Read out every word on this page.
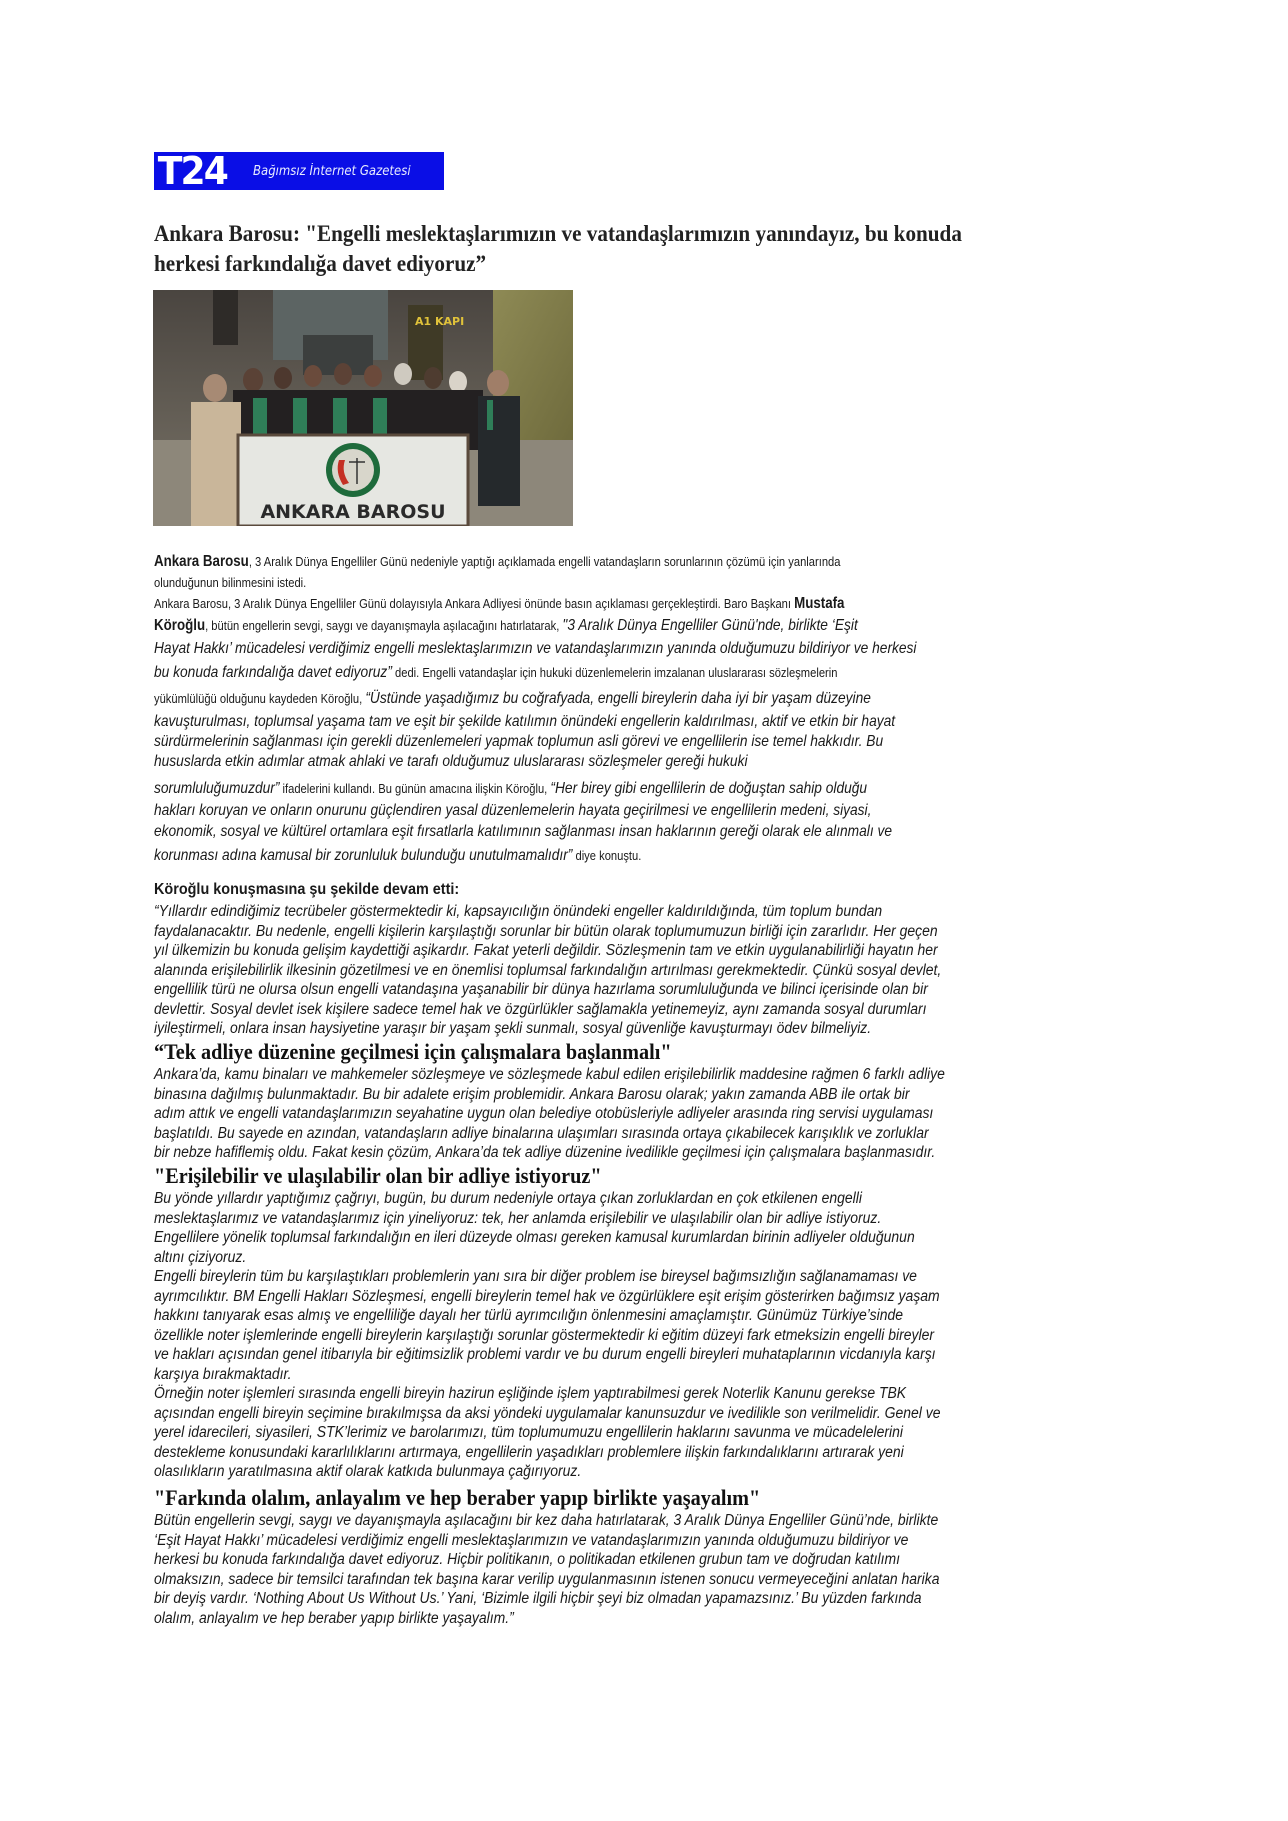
T24 Bağımsız İnternet Gazetesi
Ankara Barosu: "Engelli meslektaşlarımızın ve vatandaşlarımızın yanındayız, bu konuda herkesi farkındalığa davet ediyoruz”
A1 KAPI
ANKARA BAROSU
Ankara Barosu, 3 Aralık Dünya Engelliler Günü nedeniyle yaptığı açıklamada engelli vatandaşların sorunlarının çözümü için yanlarında
olunduğunun bilinmesini istedi.
Ankara Barosu, 3 Aralık Dünya Engelliler Günü dolayısıyla Ankara Adliyesi önünde basın açıklaması gerçekleştirdi. Baro Başkanı Mustafa
Köroğlu, bütün engellerin sevgi, saygı ve dayanışmayla aşılacağını hatırlatarak, "3 Aralık Dünya Engelliler Günü'nde, birlikte ‘Eşit
Hayat Hakkı’ mücadelesi verdiğimiz engelli meslektaşlarımızın ve vatandaşlarımızın yanında olduğumuzu bildiriyor ve herkesi
bu konuda farkındalığa davet ediyoruz” dedi. Engelli vatandaşlar için hukuki düzenlemelerin imzalanan uluslararası sözleşmelerin
yükümlülüğü olduğunu kaydeden Köroğlu, “Üstünde yaşadığımız bu coğrafyada, engelli bireylerin daha iyi bir yaşam düzeyine
kavuşturulması, toplumsal yaşama tam ve eşit bir şekilde katılımın önündeki engellerin kaldırılması, aktif ve etkin bir hayat
sürdürmelerinin sağlanması için gerekli düzenlemeleri yapmak toplumun asli görevi ve engellilerin ise temel hakkıdır. Bu
hususlarda etkin adımlar atmak ahlaki ve tarafı olduğumuz uluslararası sözleşmeler gereği hukuki
sorumluluğumuzdur” ifadelerini kullandı. Bu günün amacına ilişkin Köroğlu, “Her birey gibi engellilerin de doğuştan sahip olduğu
hakları koruyan ve onların onurunu güçlendiren yasal düzenlemelerin hayata geçirilmesi ve engellilerin medeni, siyasi,
ekonomik, sosyal ve kültürel ortamlara eşit fırsatlarla katılımının sağlanması insan haklarının gereği olarak ele alınmalı ve
korunması adına kamusal bir zorunluluk bulunduğu unutulmamalıdır” diye konuştu.
Köroğlu konuşmasına şu şekilde devam etti:
“Yıllardır edindiğimiz tecrübeler göstermektedir ki, kapsayıcılığın önündeki engeller kaldırıldığında, tüm toplum bundan
faydalanacaktır. Bu nedenle, engelli kişilerin karşılaştığı sorunlar bir bütün olarak toplumumuzun birliği için zararlıdır. Her geçen
yıl ülkemizin bu konuda gelişim kaydettiği aşikardır. Fakat yeterli değildir. Sözleşmenin tam ve etkin uygulanabilirliği hayatın her
alanında erişilebilirlik ilkesinin gözetilmesi ve en önemlisi toplumsal farkındalığın artırılması gerekmektedir. Çünkü sosyal devlet,
engellilik türü ne olursa olsun engelli vatandaşına yaşanabilir bir dünya hazırlama sorumluluğunda ve bilinci içerisinde olan bir
devlettir. Sosyal devlet isek kişilere sadece temel hak ve özgürlükler sağlamakla yetinemeyiz, aynı zamanda sosyal durumları
iyileştirmeli, onlara insan haysiyetine yaraşır bir yaşam şekli sunmalı, sosyal güvenliğe kavuşturmayı ödev bilmeliyiz.
“Tek adliye düzenine geçilmesi için çalışmalara başlanmalı"
Ankara’da, kamu binaları ve mahkemeler sözleşmeye ve sözleşmede kabul edilen erişilebilirlik maddesine rağmen 6 farklı adliye
binasına dağılmış bulunmaktadır. Bu bir adalete erişim problemidir. Ankara Barosu olarak; yakın zamanda ABB ile ortak bir
adım attık ve engelli vatandaşlarımızın seyahatine uygun olan belediye otobüsleriyle adliyeler arasında ring servisi uygulaması
başlatıldı. Bu sayede en azından, vatandaşların adliye binalarına ulaşımları sırasında ortaya çıkabilecek karışıklık ve zorluklar
bir nebze hafiflemiş oldu. Fakat kesin çözüm, Ankara’da tek adliye düzenine ivedilikle geçilmesi için çalışmalara başlanmasıdır.
"Erişilebilir ve ulaşılabilir olan bir adliye istiyoruz"
Bu yönde yıllardır yaptığımız çağrıyı, bugün, bu durum nedeniyle ortaya çıkan zorluklardan en çok etkilenen engelli
meslektaşlarımız ve vatandaşlarımız için yineliyoruz: tek, her anlamda erişilebilir ve ulaşılabilir olan bir adliye istiyoruz.
Engellilere yönelik toplumsal farkındalığın en ileri düzeyde olması gereken kamusal kurumlardan birinin adliyeler olduğunun
altını çiziyoruz.
Engelli bireylerin tüm bu karşılaştıkları problemlerin yanı sıra bir diğer problem ise bireysel bağımsızlığın sağlanamaması ve
ayrımcılıktır. BM Engelli Hakları Sözleşmesi, engelli bireylerin temel hak ve özgürlüklere eşit erişim gösterirken bağımsız yaşam
hakkını tanıyarak esas almış ve engelliliğe dayalı her türlü ayrımcılığın önlenmesini amaçlamıştır. Günümüz Türkiye’sinde
özellikle noter işlemlerinde engelli bireylerin karşılaştığı sorunlar göstermektedir ki eğitim düzeyi fark etmeksizin engelli bireyler
ve hakları açısından genel itibarıyla bir eğitimsizlik problemi vardır ve bu durum engelli bireyleri muhataplarının vicdanıyla karşı
karşıya bırakmaktadır.
Örneğin noter işlemleri sırasında engelli bireyin hazirun eşliğinde işlem yaptırabilmesi gerek Noterlik Kanunu gerekse TBK
açısından engelli bireyin seçimine bırakılmışsa da aksi yöndeki uygulamalar kanunsuzdur ve ivedilikle son verilmelidir. Genel ve
yerel idarecileri, siyasileri, STK’lerimiz ve barolarımızı, tüm toplumumuzu engellilerin haklarını savunma ve mücadelelerini
destekleme konusundaki kararlılıklarını artırmaya, engellilerin yaşadıkları problemlere ilişkin farkındalıklarını artırarak yeni
olasılıkların yaratılmasına aktif olarak katkıda bulunmaya çağırıyoruz.
"Farkında olalım, anlayalım ve hep beraber yapıp birlikte yaşayalım"
Bütün engellerin sevgi, saygı ve dayanışmayla aşılacağını bir kez daha hatırlatarak, 3 Aralık Dünya Engelliler Günü’nde, birlikte
‘Eşit Hayat Hakkı’ mücadelesi verdiğimiz engelli meslektaşlarımızın ve vatandaşlarımızın yanında olduğumuzu bildiriyor ve
herkesi bu konuda farkındalığa davet ediyoruz. Hiçbir politikanın, o politikadan etkilenen grubun tam ve doğrudan katılımı
olmaksızın, sadece bir temsilci tarafından tek başına karar verilip uygulanmasının istenen sonucu vermeyeceğini anlatan harika
bir deyiş vardır. ‘Nothing About Us Without Us.’ Yani, ‘Bizimle ilgili hiçbir şeyi biz olmadan yapamazsınız.’ Bu yüzden farkında
olalım, anlayalım ve hep beraber yapıp birlikte yaşayalım.”
